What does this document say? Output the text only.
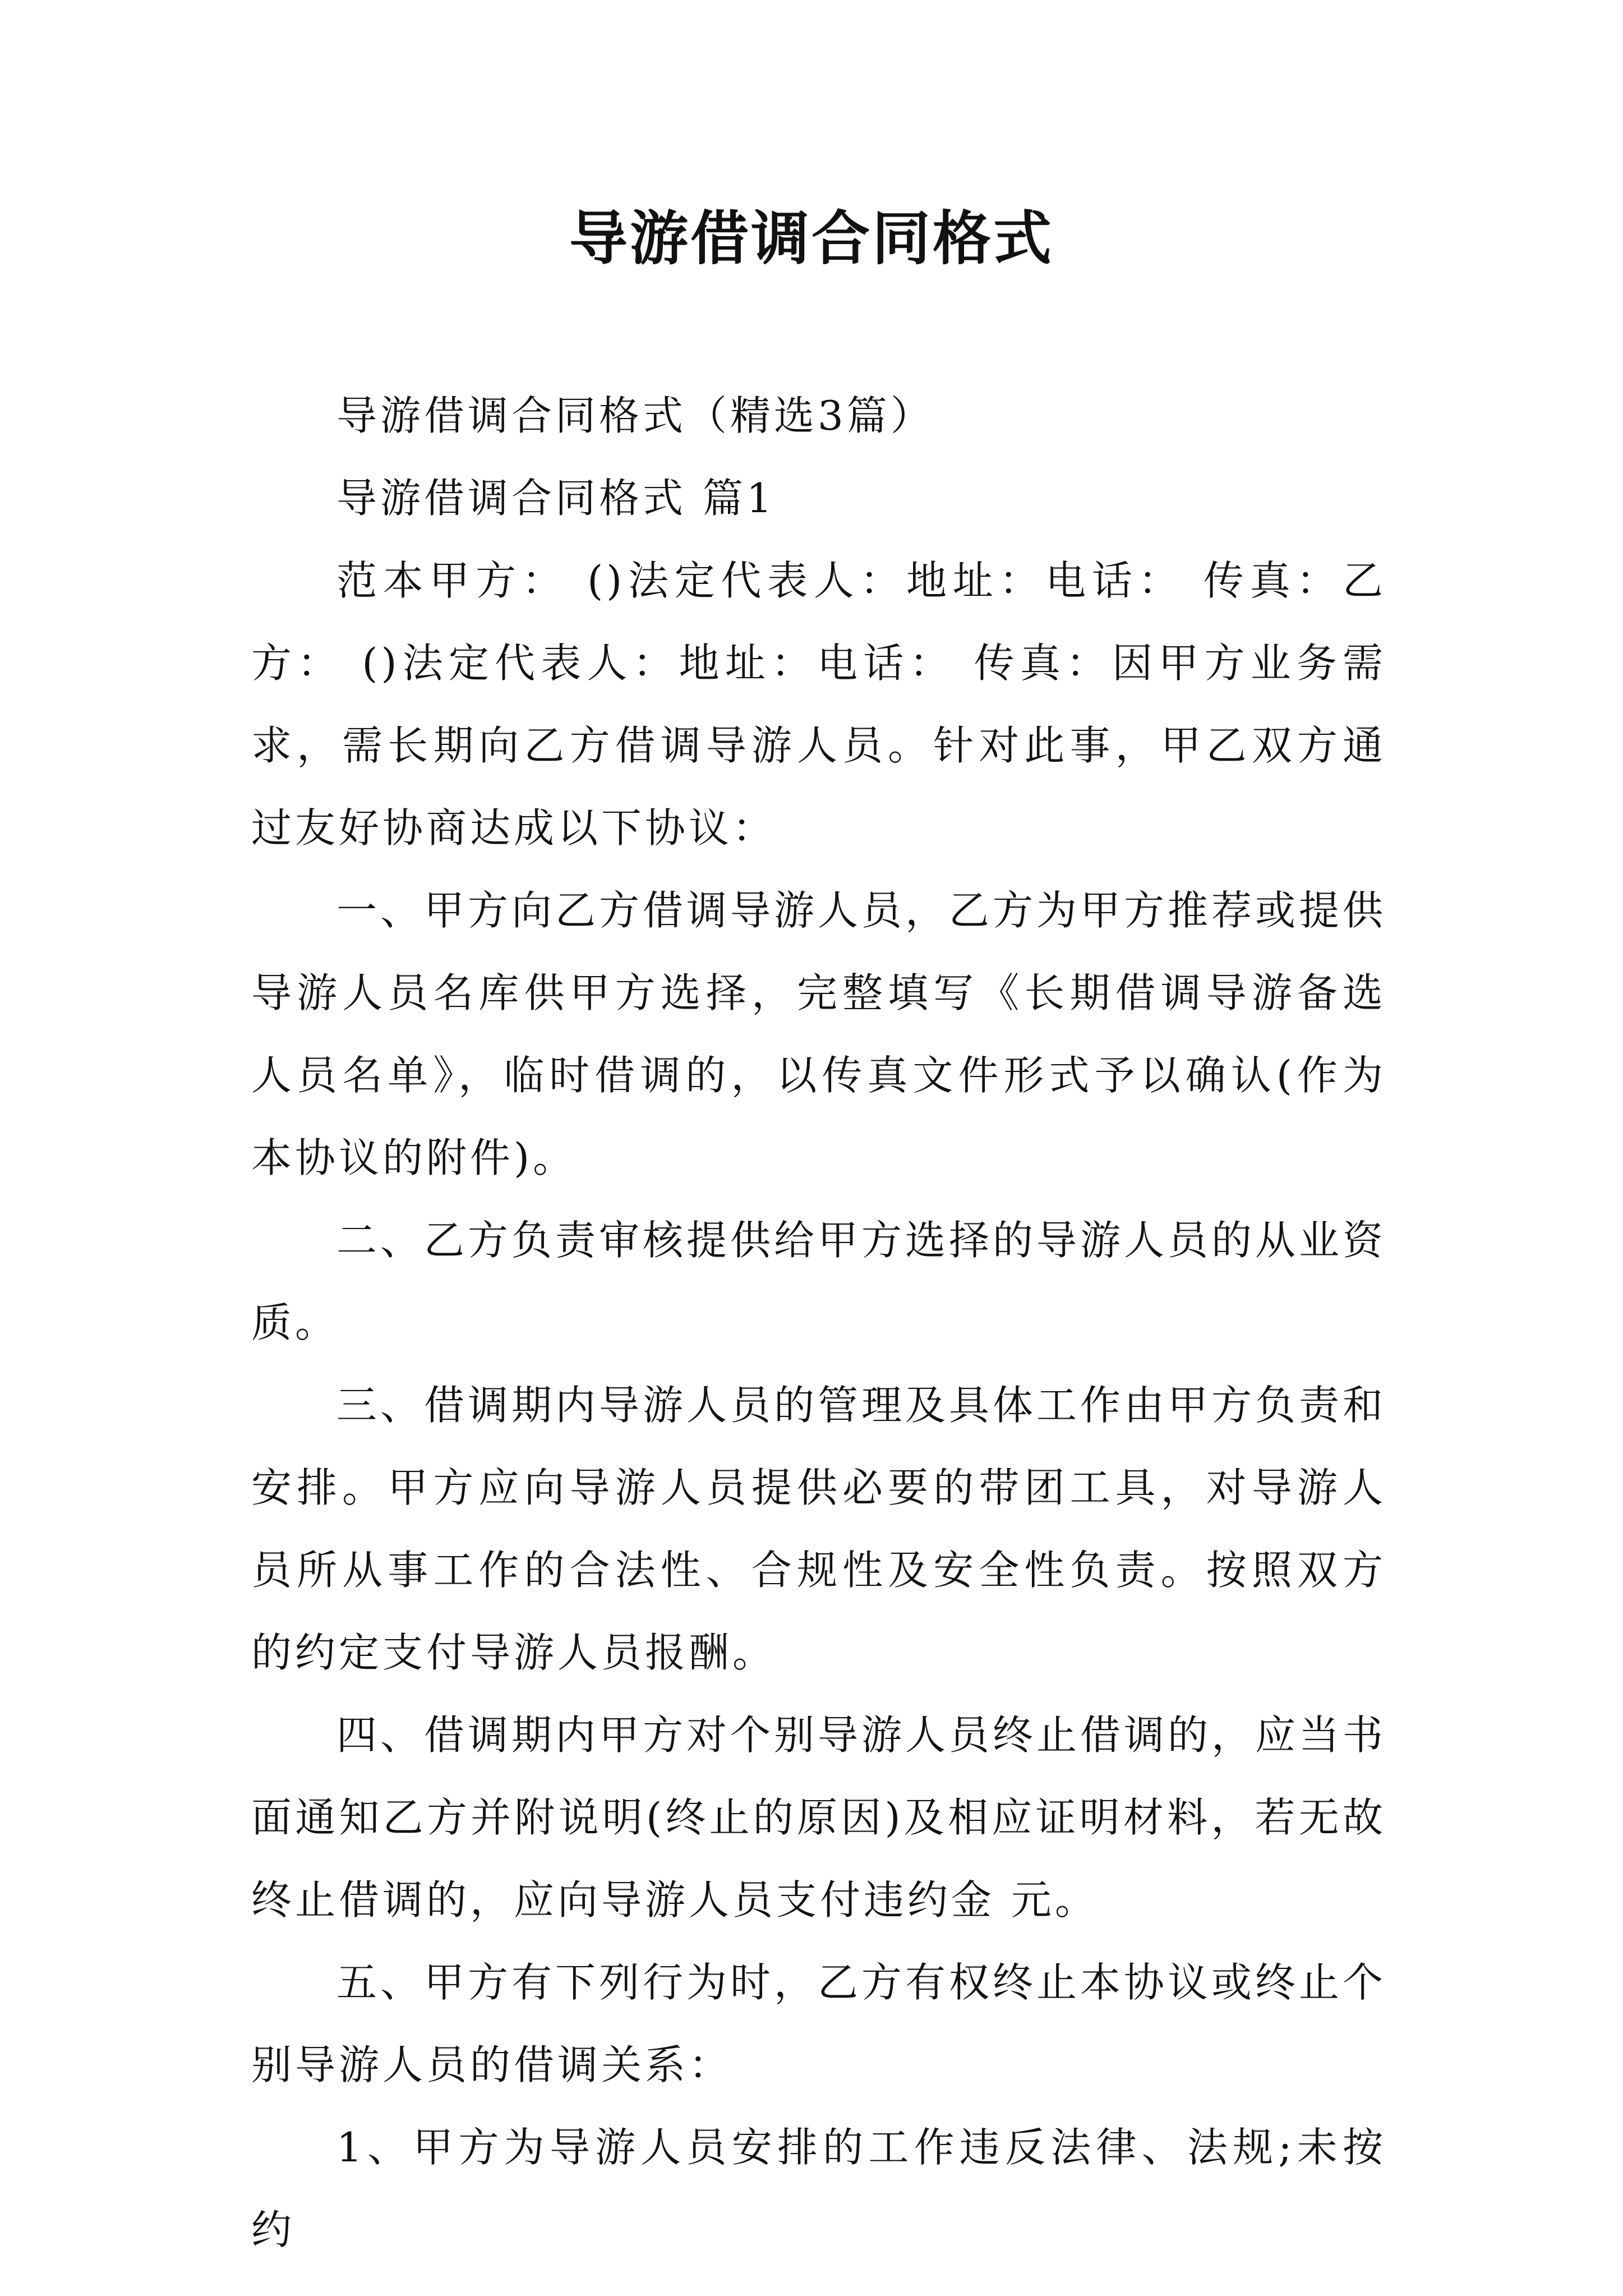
导游借调合同格式

导游借调合同格式（精选3篇）

导游借调合同格式 篇1

范本甲方： ()法定代表人：地址：电话： 传真：乙方： ()法定代表人：地址：电话： 传真：因甲方业务需求，需长期向乙方借调导游人员。针对此事，甲乙双方通过友好协商达成以下协议：

一、甲方向乙方借调导游人员，乙方为甲方推荐或提供导游人员名库供甲方选择，完整填写《长期借调导游备选人员名单》，临时借调的，以传真文件形式予以确认(作为本协议的附件)。

二、乙方负责审核提供给甲方选择的导游人员的从业资质。

三、借调期内导游人员的管理及具体工作由甲方负责和安排。甲方应向导游人员提供必要的带团工具，对导游人员所从事工作的合法性、合规性及安全性负责。按照双方的约定支付导游人员报酬。

四、借调期内甲方对个别导游人员终止借调的，应当书面通知乙方并附说明(终止的原因)及相应证明材料，若无故终止借调的，应向导游人员支付违约金 元。

五、甲方有下列行为时，乙方有权终止本协议或终止个别导游人员的借调关系：

1、甲方为导游人员安排的工作违反法律、法规;未按约
